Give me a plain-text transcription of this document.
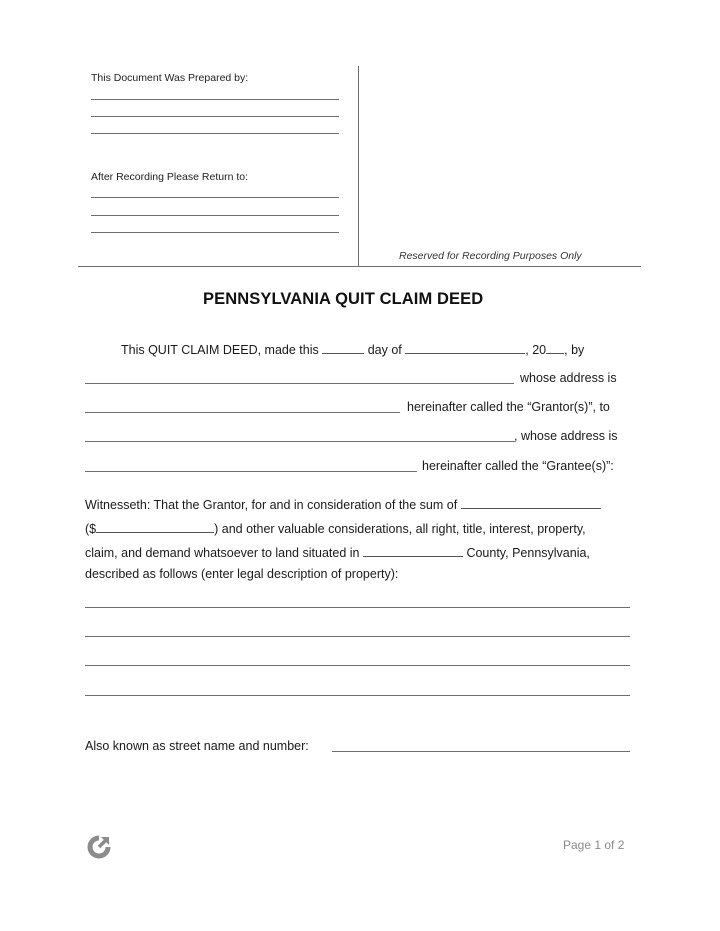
This Document Was Prepared by:
After Recording Please Return to:
Reserved for Recording Purposes Only
PENNSYLVANIA QUIT CLAIM DEED
This QUIT CLAIM DEED, made this	day of	, 20 , by
whose address is
hereinafter called the “Grantor(s)”, to
, whose address is
hereinafter called the “Grantee(s)”:
Witnesseth: That the Grantor, for and in consideration of the sum of
($	) and other valuable considerations, all right, title, interest, property,
claim, and demand whatsoever to land situated in	County, Pennsylvania,
described as follows (enter legal description of property):
Also known as street name and number:
Page 1 of 2
